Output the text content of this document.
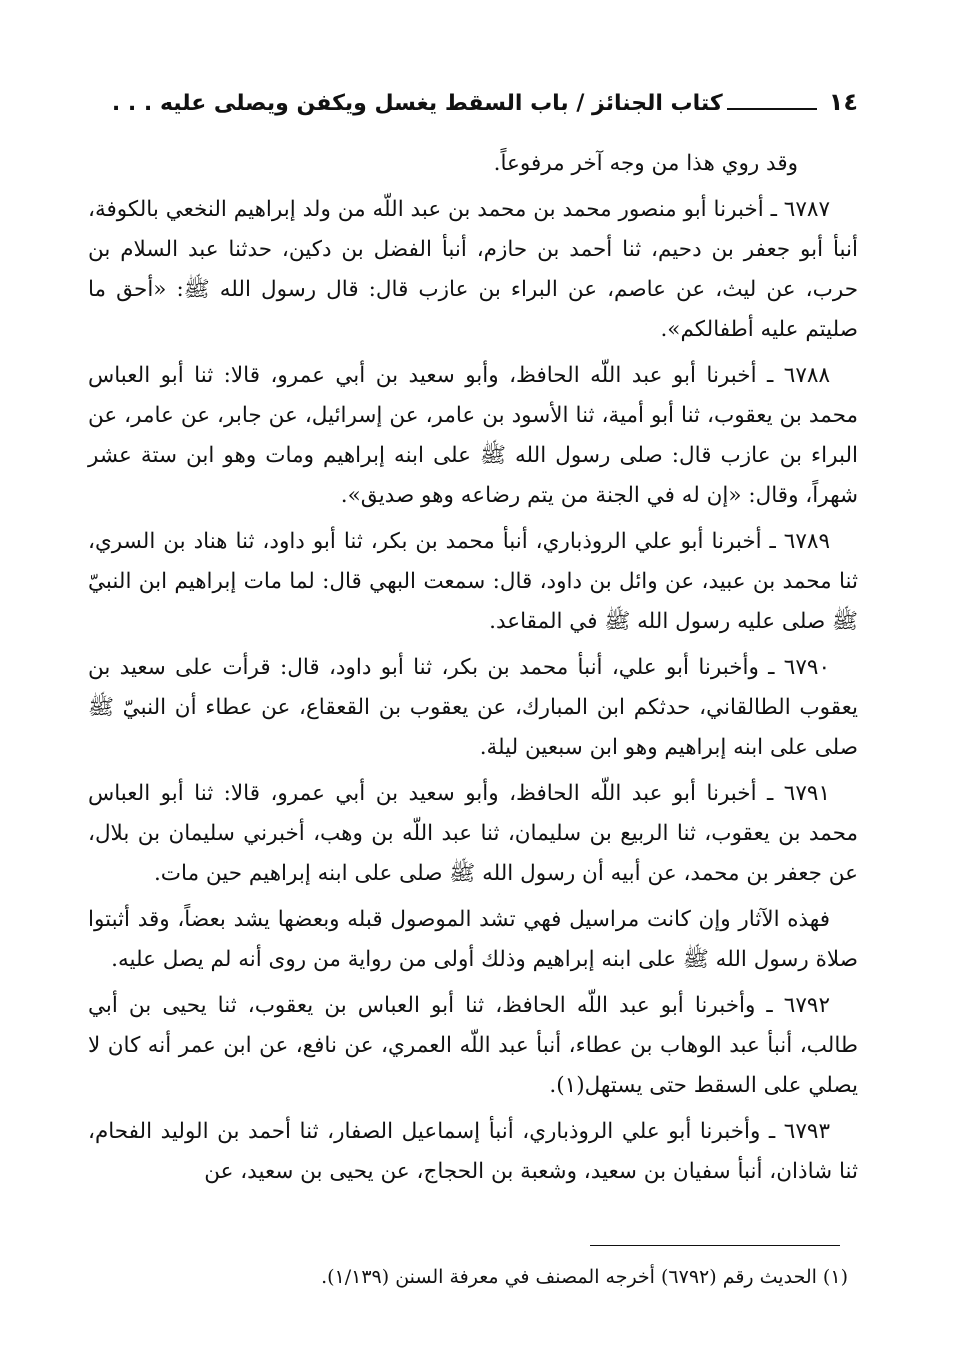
١٤
كتاب الجنائز / باب السقط يغسل ويكفن ويصلى عليه . . .

وقد روي هذا من وجه آخر مرفوعاً.

٦٧٨٧ ـ أخبرنا أبو منصور محمد بن محمد بن عبد اللّه من ولد إبراهيم النخعي بالكوفة، أنبأ أبو جعفر بن دحيم، ثنا أحمد بن حازم، أنبأ الفضل بن دكين، حدثنا عبد السلام بن حرب، عن ليث، عن عاصم، عن البراء بن عازب قال: قال رسول الله ﷺ: «أحق ما صليتم عليه أطفالكم».

٦٧٨٨ ـ أخبرنا أبو عبد اللّه الحافظ، وأبو سعيد بن أبي عمرو، قالا: ثنا أبو العباس محمد بن يعقوب، ثنا أبو أمية، ثنا الأسود بن عامر، عن إسرائيل، عن جابر، عن عامر، عن البراء بن عازب قال: صلى رسول الله ﷺ على ابنه إبراهيم ومات وهو ابن ستة عشر شهراً، وقال: «إن له في الجنة من يتم رضاعه وهو صديق».

٦٧٨٩ ـ أخبرنا أبو علي الروذباري، أنبأ محمد بن بكر، ثنا أبو داود، ثنا هناد بن السري، ثنا محمد بن عبيد، عن وائل بن داود، قال: سمعت البهي قال: لما مات إبراهيم ابن النبيّ ﷺ صلى عليه رسول الله ﷺ في المقاعد.

٦٧٩٠ ـ وأخبرنا أبو علي، أنبأ محمد بن بكر، ثنا أبو داود، قال: قرأت على سعيد بن يعقوب الطالقاني، حدثكم ابن المبارك، عن يعقوب بن القعقاع، عن عطاء أن النبيّ ﷺ صلى على ابنه إبراهيم وهو ابن سبعين ليلة.

٦٧٩١ ـ أخبرنا أبو عبد اللّه الحافظ، وأبو سعيد بن أبي عمرو، قالا: ثنا أبو العباس محمد بن يعقوب، ثنا الربيع بن سليمان، ثنا عبد اللّه بن وهب، أخبرني سليمان بن بلال، عن جعفر بن محمد، عن أبيه أن رسول الله ﷺ صلى على ابنه إبراهيم حين مات.

فهذه الآثار وإن كانت مراسيل فهي تشد الموصول قبله وبعضها يشد بعضاً، وقد أثبتوا صلاة رسول الله ﷺ على ابنه إبراهيم وذلك أولى من رواية من روى أنه لم يصل عليه.

٦٧٩٢ ـ وأخبرنا أبو عبد اللّه الحافظ، ثنا أبو العباس بن يعقوب، ثنا يحيى بن أبي طالب، أنبأ عبد الوهاب بن عطاء، أنبأ عبد اللّه العمري، عن نافع، عن ابن عمر أنه كان لا يصلي على السقط حتى يستهل(١).

٦٧٩٣ ـ وأخبرنا أبو علي الروذباري، أنبأ إسماعيل الصفار، ثنا أحمد بن الوليد الفحام، ثنا شاذان، أنبأ سفيان بن سعيد، وشعبة بن الحجاج، عن يحيى بن سعيد، عن

(١) الحديث رقم (٦٧٩٢) أخرجه المصنف في معرفة السنن (١/١٣٩).
